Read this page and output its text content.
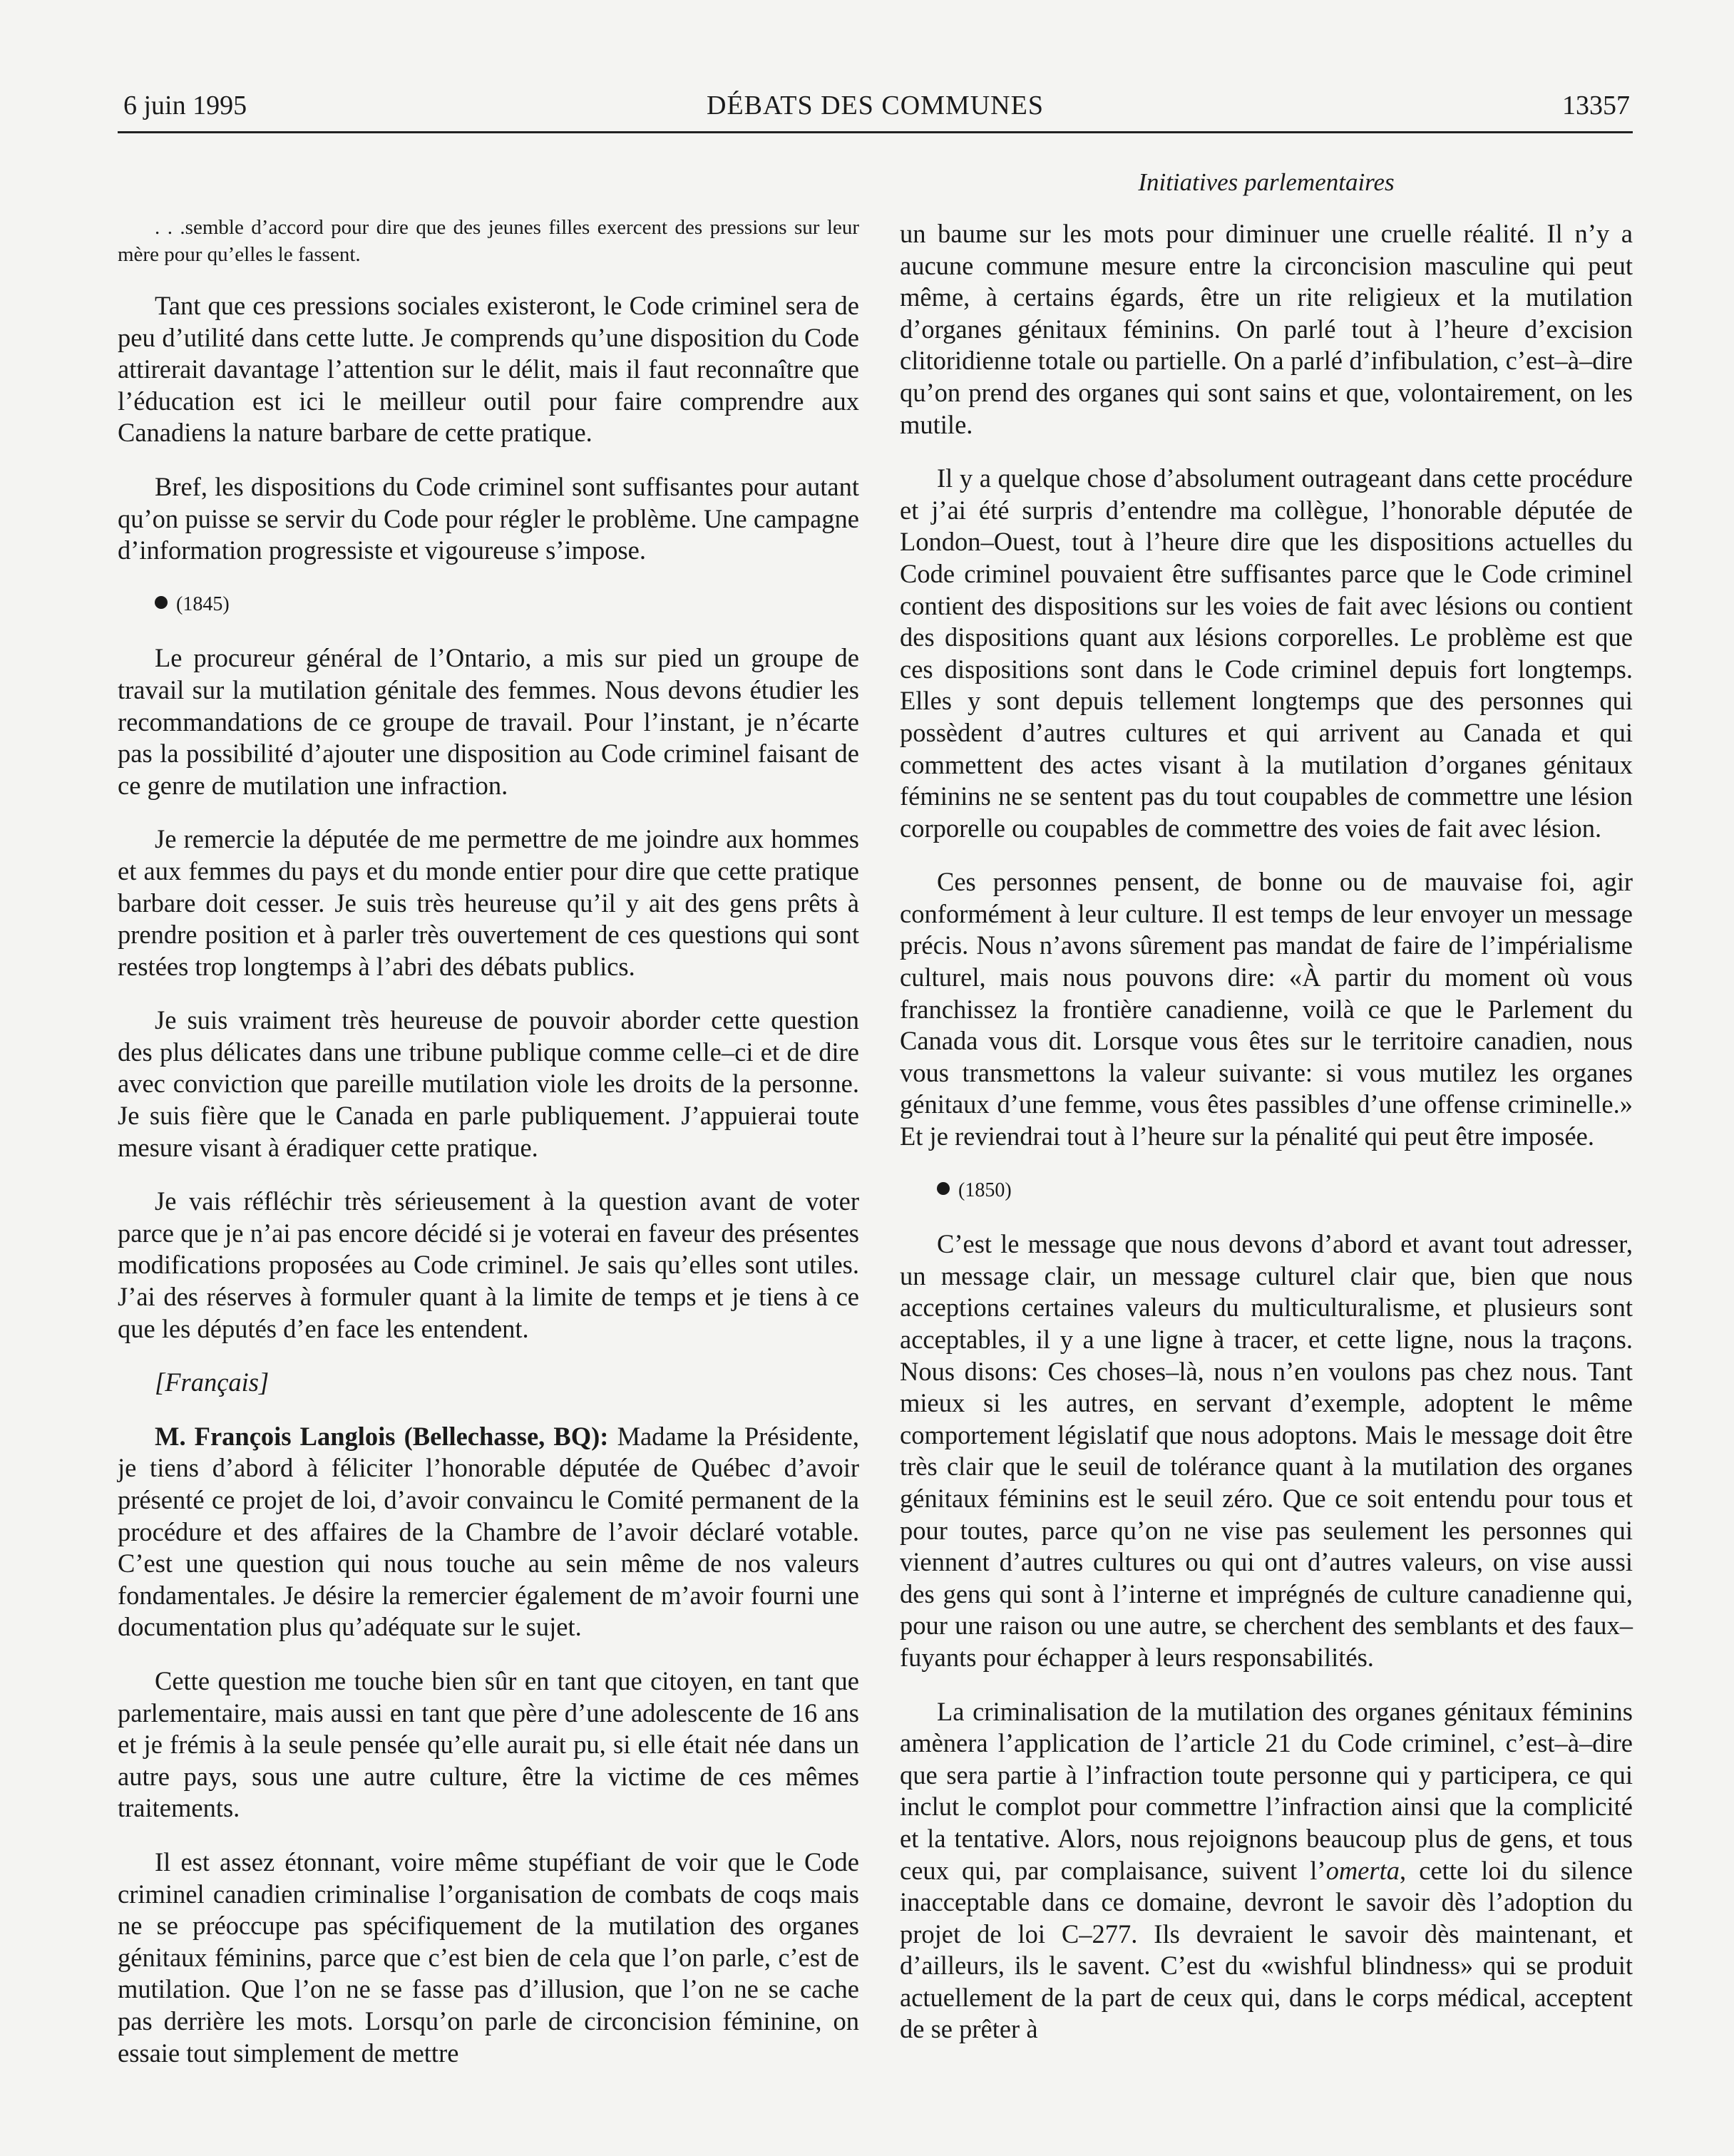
6 juin 1995	DÉBATS DES COMMUNES	13357
Initiatives parlementaires

. . .semble d’accord pour dire que des jeunes filles exercent des pressions sur leur mère pour qu’elles le fassent.

Tant que ces pressions sociales existeront, le Code criminel sera de peu d’utilité dans cette lutte. Je comprends qu’une disposition du Code attirerait davantage l’attention sur le délit, mais il faut reconnaître que l’éducation est ici le meilleur outil pour faire comprendre aux Canadiens la nature barbare de cette pratique.

Bref, les dispositions du Code criminel sont suffisantes pour autant qu’on puisse se servir du Code pour régler le problème. Une campagne d’information progressiste et vigoureuse s’impose.

(1845)

Le procureur général de l’Ontario, a mis sur pied un groupe de travail sur la mutilation génitale des femmes. Nous devons étudier les recommandations de ce groupe de travail. Pour l’instant, je n’écarte pas la possibilité d’ajouter une disposition au Code criminel faisant de ce genre de mutilation une infraction.

Je remercie la députée de me permettre de me joindre aux hommes et aux femmes du pays et du monde entier pour dire que cette pratique barbare doit cesser. Je suis très heureuse qu’il y ait des gens prêts à prendre position et à parler très ouvertement de ces questions qui sont restées trop longtemps à l’abri des débats publics.

Je suis vraiment très heureuse de pouvoir aborder cette question des plus délicates dans une tribune publique comme celle–ci et de dire avec conviction que pareille mutilation viole les droits de la personne. Je suis fière que le Canada en parle publiquement. J’appuierai toute mesure visant à éradiquer cette pratique.

Je vais réfléchir très sérieusement à la question avant de voter parce que je n’ai pas encore décidé si je voterai en faveur des présentes modifications proposées au Code criminel. Je sais qu’elles sont utiles. J’ai des réserves à formuler quant à la limite de temps et je tiens à ce que les députés d’en face les entendent.

[Français]

M. François Langlois (Bellechasse, BQ): Madame la Présidente, je tiens d’abord à féliciter l’honorable députée de Québec d’avoir présenté ce projet de loi, d’avoir convaincu le Comité permanent de la procédure et des affaires de la Chambre de l’avoir déclaré votable. C’est une question qui nous touche au sein même de nos valeurs fondamentales. Je désire la remercier également de m’avoir fourni une documentation plus qu’adéquate sur le sujet.

Cette question me touche bien sûr en tant que citoyen, en tant que parlementaire, mais aussi en tant que père d’une adolescente de 16 ans et je frémis à la seule pensée qu’elle aurait pu, si elle était née dans un autre pays, sous une autre culture, être la victime de ces mêmes traitements.

Il est assez étonnant, voire même stupéfiant de voir que le Code criminel canadien criminalise l’organisation de combats de coqs mais ne se préoccupe pas spécifiquement de la mutilation des organes génitaux féminins, parce que c’est bien de cela que l’on parle, c’est de mutilation. Que l’on ne se fasse pas d’illusion, que l’on ne se cache pas derrière les mots. Lorsqu’on parle de circoncision féminine, on essaie tout simplement de mettre

un baume sur les mots pour diminuer une cruelle réalité. Il n’y a aucune commune mesure entre la circoncision masculine qui peut même, à certains égards, être un rite religieux et la mutilation d’organes génitaux féminins. On parlé tout à l’heure d’excision clitoridienne totale ou partielle. On a parlé d’infibulation, c’est–à–dire qu’on prend des organes qui sont sains et que, volontairement, on les mutile.

Il y a quelque chose d’absolument outrageant dans cette procédure et j’ai été surpris d’entendre ma collègue, l’honorable députée de London–Ouest, tout à l’heure dire que les dispositions actuelles du Code criminel pouvaient être suffisantes parce que le Code criminel contient des dispositions sur les voies de fait avec lésions ou contient des dispositions quant aux lésions corporelles. Le problème est que ces dispositions sont dans le Code criminel depuis fort longtemps. Elles y sont depuis tellement longtemps que des personnes qui possèdent d’autres cultures et qui arrivent au Canada et qui commettent des actes visant à la mutilation d’organes génitaux féminins ne se sentent pas du tout coupables de commettre une lésion corporelle ou coupables de commettre des voies de fait avec lésion.

Ces personnes pensent, de bonne ou de mauvaise foi, agir conformément à leur culture. Il est temps de leur envoyer un message précis. Nous n’avons sûrement pas mandat de faire de l’impérialisme culturel, mais nous pouvons dire: «À partir du moment où vous franchissez la frontière canadienne, voilà ce que le Parlement du Canada vous dit. Lorsque vous êtes sur le territoire canadien, nous vous transmettons la valeur suivante: si vous mutilez les organes génitaux d’une femme, vous êtes passibles d’une offense criminelle.» Et je reviendrai tout à l’heure sur la pénalité qui peut être imposée.

(1850)

C’est le message que nous devons d’abord et avant tout adresser, un message clair, un message culturel clair que, bien que nous acceptions certaines valeurs du multiculturalisme, et plusieurs sont acceptables, il y a une ligne à tracer, et cette ligne, nous la traçons. Nous disons: Ces choses–là, nous n’en voulons pas chez nous. Tant mieux si les autres, en servant d’exemple, adoptent le même comportement législatif que nous adoptons. Mais le message doit être très clair que le seuil de tolérance quant à la mutilation des organes génitaux féminins est le seuil zéro. Que ce soit entendu pour tous et pour toutes, parce qu’on ne vise pas seulement les personnes qui viennent d’autres cultures ou qui ont d’autres valeurs, on vise aussi des gens qui sont à l’interne et imprégnés de culture canadienne qui, pour une raison ou une autre, se cherchent des semblants et des faux–fuyants pour échapper à leurs responsabilités.

La criminalisation de la mutilation des organes génitaux féminins amènera l’application de l’article 21 du Code criminel, c’est–à–dire que sera partie à l’infraction toute personne qui y participera, ce qui inclut le complot pour commettre l’infraction ainsi que la complicité et la tentative. Alors, nous rejoignons beaucoup plus de gens, et tous ceux qui, par complaisance, suivent l’omerta, cette loi du silence inacceptable dans ce domaine, devront le savoir dès l’adoption du projet de loi C–277. Ils devraient le savoir dès maintenant, et d’ailleurs, ils le savent. C’est du «wishful blindness» qui se produit actuellement de la part de ceux qui, dans le corps médical, acceptent de se prêter à
